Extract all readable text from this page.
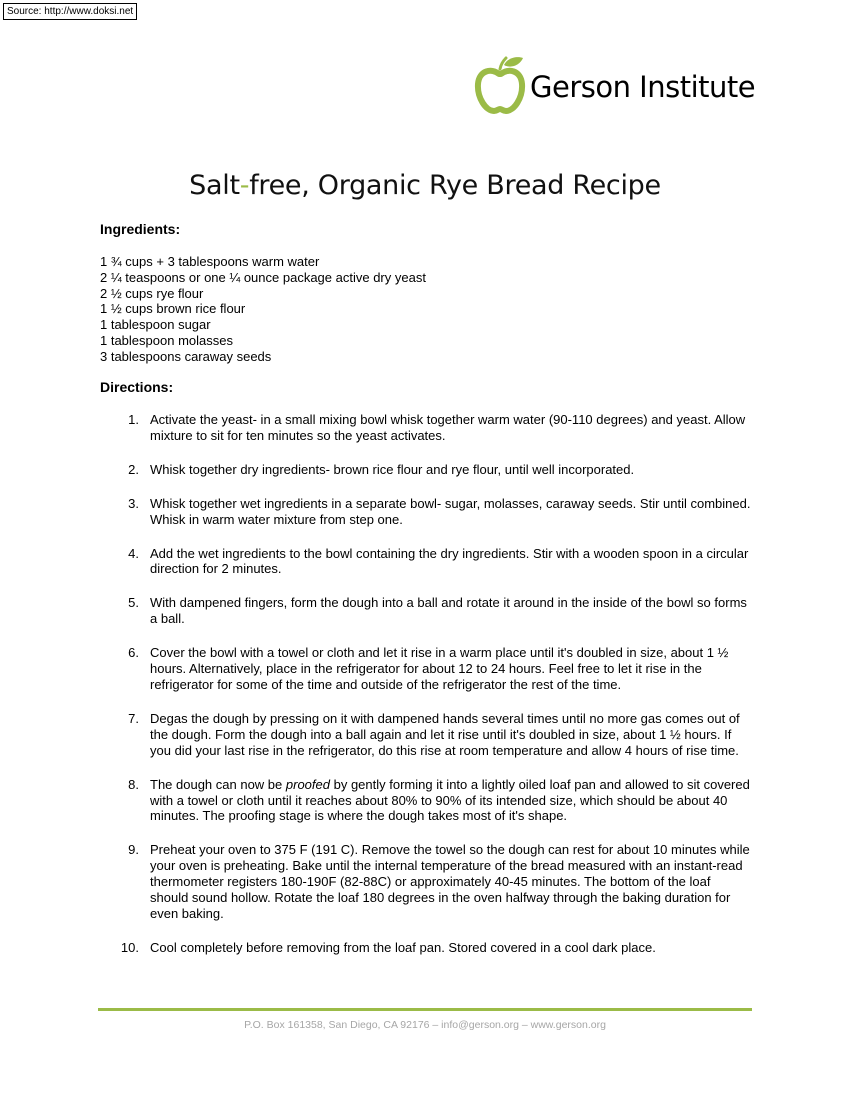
Source: http://www.doksi.net
Gerson Institute
Salt-free, Organic Rye Bread Recipe
Ingredients:
1 ¾ cups + 3 tablespoons warm water
2 ¼ teaspoons or one ¼ ounce package active dry yeast
2 ½ cups rye flour
1 ½ cups brown rice flour
1 tablespoon sugar
1 tablespoon molasses
3 tablespoons caraway seeds
Directions:
1. Activate the yeast- in a small mixing bowl whisk together warm water (90-110 degrees) and yeast. Allow mixture to sit for ten minutes so the yeast activates.
2. Whisk together dry ingredients- brown rice flour and rye flour, until well incorporated.
3. Whisk together wet ingredients in a separate bowl- sugar, molasses, caraway seeds. Stir until combined. Whisk in warm water mixture from step one.
4. Add the wet ingredients to the bowl containing the dry ingredients. Stir with a wooden spoon in a circular direction for 2 minutes.
5. With dampened fingers, form the dough into a ball and rotate it around in the inside of the bowl so forms a ball.
6. Cover the bowl with a towel or cloth and let it rise in a warm place until it's doubled in size, about 1 ½ hours. Alternatively, place in the refrigerator for about 12 to 24 hours. Feel free to let it rise in the refrigerator for some of the time and outside of the refrigerator the rest of the time.
7. Degas the dough by pressing on it with dampened hands several times until no more gas comes out of the dough. Form the dough into a ball again and let it rise until it's doubled in size, about 1 ½ hours. If you did your last rise in the refrigerator, do this rise at room temperature and allow 4 hours of rise time.
8. The dough can now be proofed by gently forming it into a lightly oiled loaf pan and allowed to sit covered with a towel or cloth until it reaches about 80% to 90% of its intended size, which should be about 40 minutes. The proofing stage is where the dough takes most of it's shape.
9. Preheat your oven to 375 F (191 C). Remove the towel so the dough can rest for about 10 minutes while your oven is preheating. Bake until the internal temperature of the bread measured with an instant-read thermometer registers 180-190F (82-88C) or approximately 40-45 minutes. The bottom of the loaf should sound hollow. Rotate the loaf 180 degrees in the oven halfway through the baking duration for even baking.
10. Cool completely before removing from the loaf pan. Stored covered in a cool dark place.
P.O. Box 161358, San Diego, CA 92176 – info@gerson.org – www.gerson.org
